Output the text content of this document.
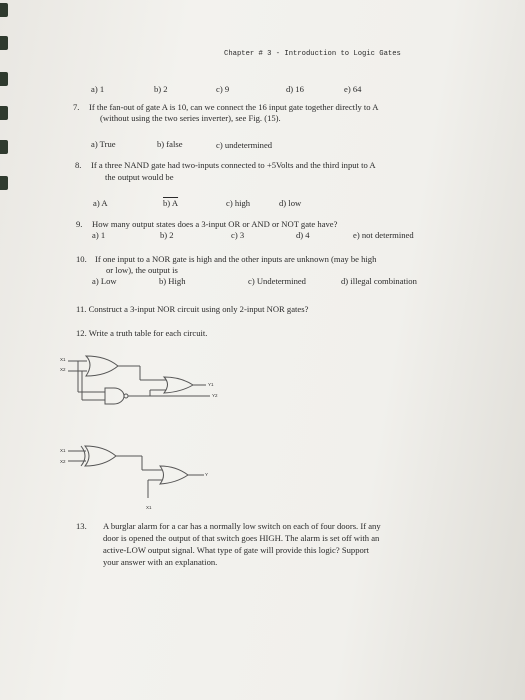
Chapter # 3 - Introduction to Logic Gates
a) 1	b) 2	c) 9	d) 16	e) 64
7. If the fan-out of gate A is 10, can we connect the 16 input gate together directly to A
(without using the two series inverter), see Fig. (15).
a) True	b) false	c) undetermined
8. If a three NAND gate had two-inputs connected to +5Volts and the third input to A
the output would be
a) A	b) A	c) high	d) low
9. How many output states does a 3-input OR or AND or NOT gate have?
a) 1	b) 2	c) 3	d) 4	e) not determined
10. If one input to a NOR gate is high and the other inputs are unknown (may be high
or low), the output is
a) Low	b) High	c) Undetermined	d) illegal combination
11. Construct a 3-input NOR circuit using only 2-input NOR gates?
12. Write a truth table for each circuit.
X1
X2
Y1
Y2
X1
X2
X1
Y
13. A burglar alarm for a car has a normally low switch on each of four doors. If any
door is opened the output of that switch goes HIGH. The alarm is set off with an
active-LOW output signal. What type of gate will provide this logic? Support
your answer with an explanation.
